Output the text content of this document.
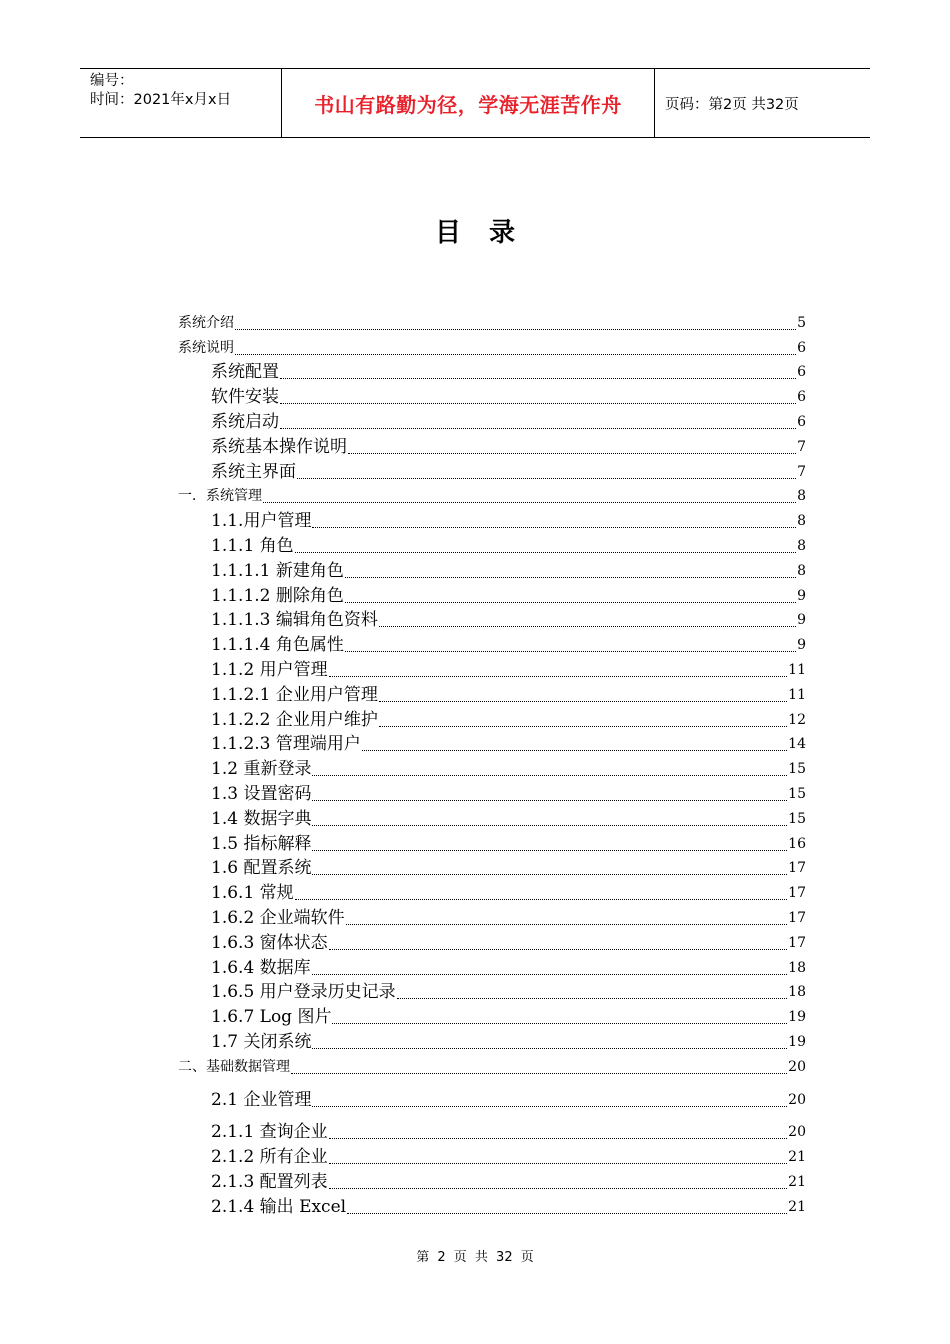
编号：
时间：2021年x月x日	书山有路勤为径，学海无涯苦作舟	页码：第2页 共32页
目录
系统介绍	5
系统说明	6
系统配置	6
软件安装	6
系统启动	6
系统基本操作说明	7
系统主界面	7
一．系统管理	8
1.1.用户管理	8
1.1.1 角色	8
1.1.1.1 新建角色	8
1.1.1.2 删除角色	9
1.1.1.3 编辑角色资料	9
1.1.1.4 角色属性	9
1.1.2 用户管理	11
1.1.2.1 企业用户管理	11
1.1.2.2 企业用户维护	12
1.1.2.3 管理端用户	14
1.2 重新登录	15
1.3 设置密码	15
1.4 数据字典	15
1.5 指标解释	16
1.6 配置系统	17
1.6.1 常规	17
1.6.2 企业端软件	17
1.6.3 窗体状态	17
1.6.4 数据库	18
1.6.5 用户登录历史记录	18
1.6.7 Log 图片	19
1.7 关闭系统	19
二、基础数据管理	20
2.1 企业管理	20
2.1.1 查询企业	20
2.1.2 所有企业	21
2.1.3 配置列表	21
2.1.4 输出 Excel	21
第 2 页 共 32 页
